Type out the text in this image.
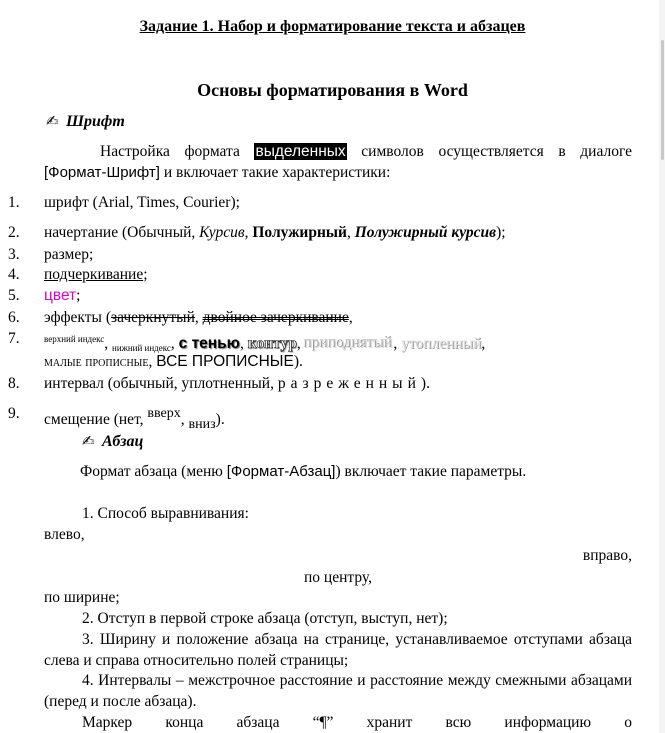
Задание 1. Набор и форматирование текста и абзацев
Основы форматирования в Word
✍ Шрифт
Настройка формата выделенных символов осуществляется в диалоге [Формат-Шрифт] и включает такие характеристики:
1.	шрифт (Arial, Times, Courier);
2.	начертание (Обычный, Курсив, Полужирный, Полужирный курсив);
3.	размер;
4.	подчеркивание;
5.	цвет;
6.	эффекты (зачеркнутый, двойное зачеркивание,
7.	$^{верхний индекс}$, нижний индекс, с тенью, контур, приподнятый, утопленный,
малые прописные, ВСЕ ПРОПИСНЫЕ).
8.	интервал (обычный, уплотненный, разреженный).
9.	смещение (нет, вверх, вниз).
✍ Абзац
Формат абзаца (меню [Формат-Абзац]) включает такие параметры.
1. Способ выравнивания:
влево,
вправо,
по центру,
по ширине;
2. Отступ в первой строке абзаца (отступ, выступ, нет);
3. Ширину и положение абзаца на странице, устанавливаемое отступами абзаца слева и справа относительно полей страницы;
4. Интервалы – межстрочное расстояние и расстояние между смежными абзацами (перед и после абзаца).
Маркер конца абзаца “¶” хранит всю информацию о
